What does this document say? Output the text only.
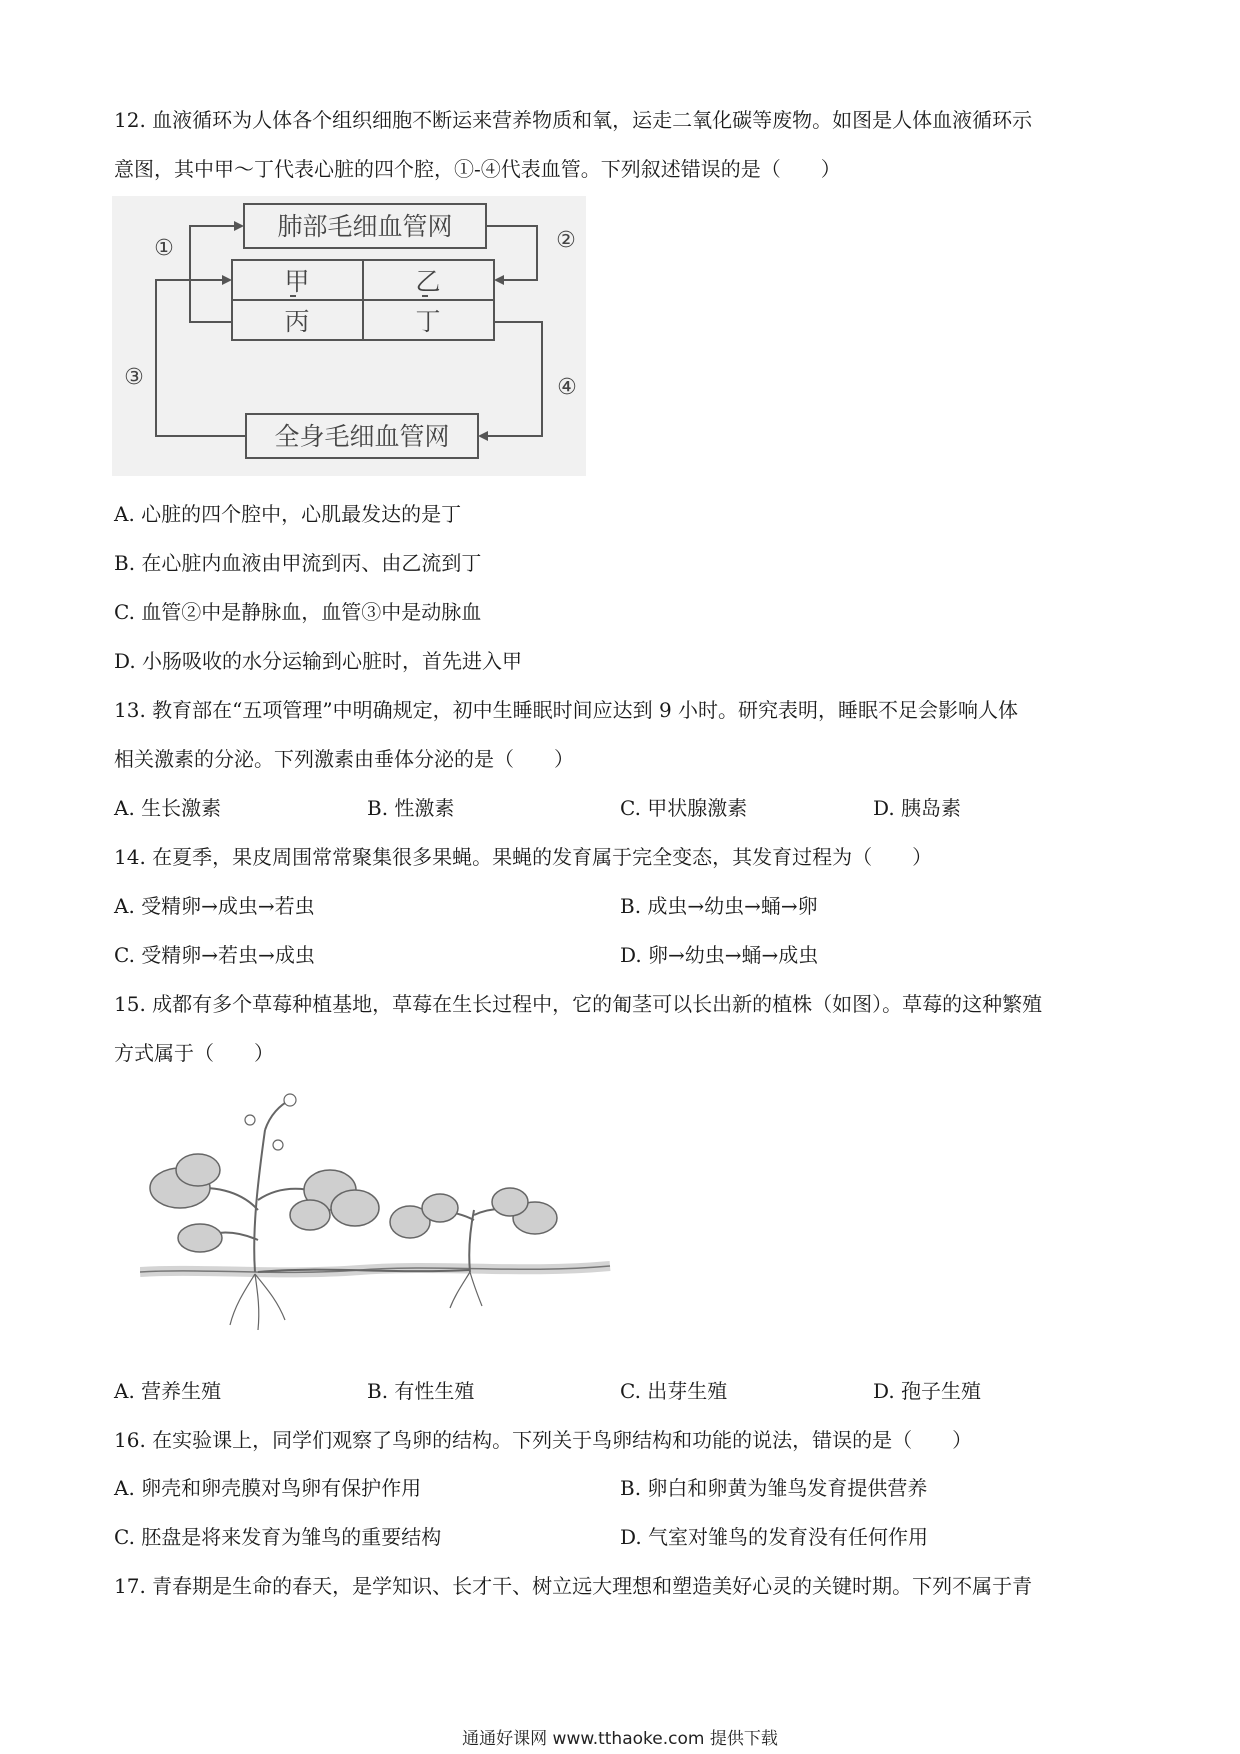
12. 血液循环为人体各个组织细胞不断运来营养物质和氧，运走二氧化碳等废物。如图是人体血液循环示
意图，其中甲～丁代表心脏的四个腔，①-④代表血管。下列叙述错误的是（　　）
肺部毛细血管网
全身毛细血管网
甲	乙
丙	丁
①	②
③	④
A. 心脏的四个腔中，心肌最发达的是丁
B. 在心脏内血液由甲流到丙、由乙流到丁
C. 血管②中是静脉血，血管③中是动脉血
D. 小肠吸收的水分运输到心脏时，首先进入甲
13. 教育部在“五项管理”中明确规定，初中生睡眠时间应达到 9 小时。研究表明，睡眠不足会影响人体
相关激素的分泌。下列激素由垂体分泌的是（　　）
A. 生长激素	B. 性激素	C. 甲状腺激素	D. 胰岛素
14. 在夏季，果皮周围常常聚集很多果蝇。果蝇的发育属于完全变态，其发育过程为（　　）
A. 受精卵→成虫→若虫	B. 成虫→幼虫→蛹→卵
C. 受精卵→若虫→成虫	D. 卵→幼虫→蛹→成虫
15. 成都有多个草莓种植基地，草莓在生长过程中，它的匍茎可以长出新的植株（如图）。草莓的这种繁殖
方式属于（　　）
A. 营养生殖	B. 有性生殖	C. 出芽生殖	D. 孢子生殖
16. 在实验课上，同学们观察了鸟卵的结构。下列关于鸟卵结构和功能的说法，错误的是（　　）
A. 卵壳和卵壳膜对鸟卵有保护作用	B. 卵白和卵黄为雏鸟发育提供营养
C. 胚盘是将来发育为雏鸟的重要结构	D. 气室对雏鸟的发育没有任何作用
17. 青春期是生命的春天，是学知识、长才干、树立远大理想和塑造美好心灵的关键时期。下列不属于青
通通好课网 www.tthaoke.com 提供下载
